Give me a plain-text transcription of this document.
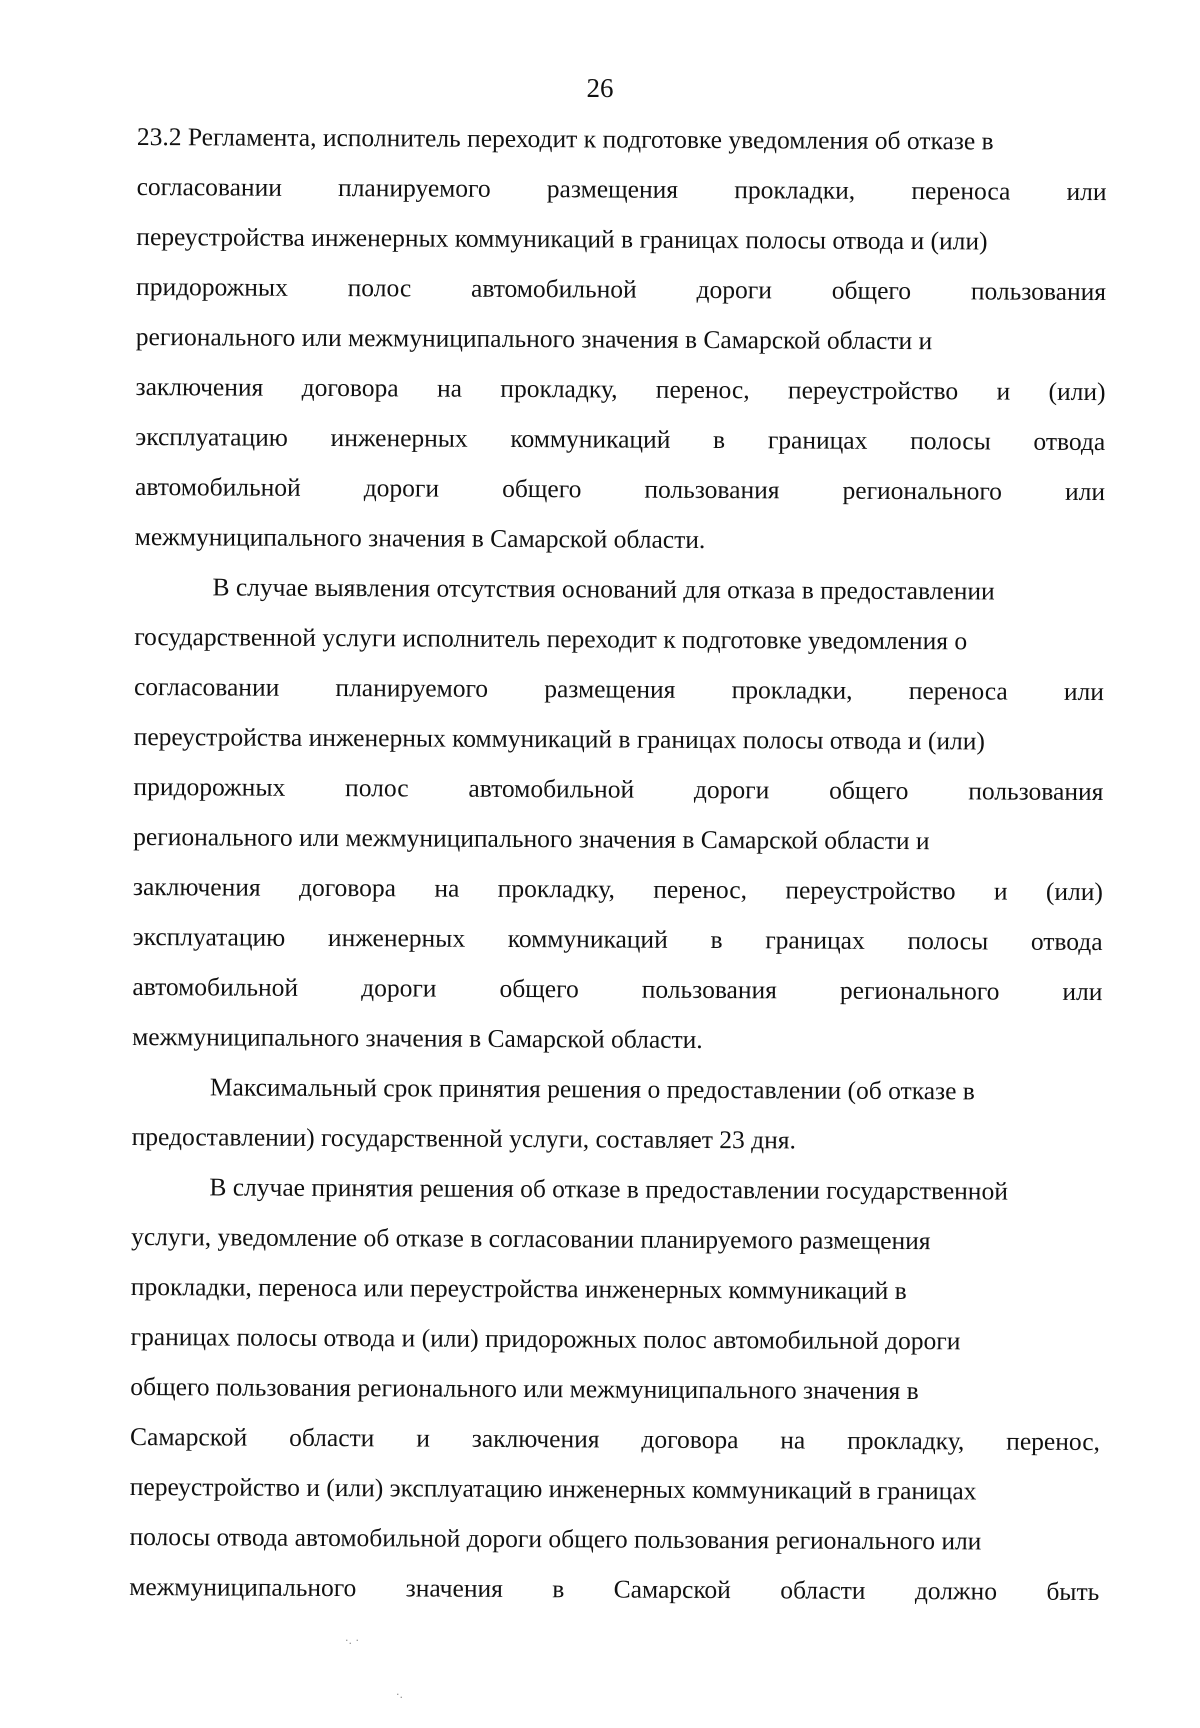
26
23.2 Регламента, исполнитель переходит к подготовке уведомления об отказе в
согласовании планируемого размещения прокладки, переноса или
переустройства инженерных коммуникаций в границах полосы отвода и (или)
придорожных полос автомобильной дороги общего пользования
регионального или межмуниципального значения в Самарской области и
заключения договора на прокладку, перенос, переустройство и (или)
эксплуатацию инженерных коммуникаций в границах полосы отвода
автомобильной дороги общего пользования регионального или
межмуниципального значения в Самарской области.
В случае выявления отсутствия оснований для отказа в предоставлении
государственной услуги исполнитель переходит к подготовке уведомления о
согласовании планируемого размещения прокладки, переноса или
переустройства инженерных коммуникаций в границах полосы отвода и (или)
придорожных полос автомобильной дороги общего пользования
регионального или межмуниципального значения в Самарской области и
заключения договора на прокладку, перенос, переустройство и (или)
эксплуатацию инженерных коммуникаций в границах полосы отвода
автомобильной дороги общего пользования регионального или
межмуниципального значения в Самарской области.
Максимальный срок принятия решения о предоставлении (об отказе в
предоставлении) государственной услуги, составляет 23 дня.
В случае принятия решения об отказе в предоставлении государственной
услуги, уведомление об отказе в согласовании планируемого размещения
прокладки, переноса или переустройства инженерных коммуникаций в
границах полосы отвода и (или) придорожных полос автомобильной дороги
общего пользования регионального или межмуниципального значения в
Самарской области и заключения договора на прокладку, перенос,
переустройство и (или) эксплуатацию инженерных коммуникаций в границах
полосы отвода автомобильной дороги общего пользования регионального или
межмуниципального значения в Самарской области должно быть
·. ·
·.
